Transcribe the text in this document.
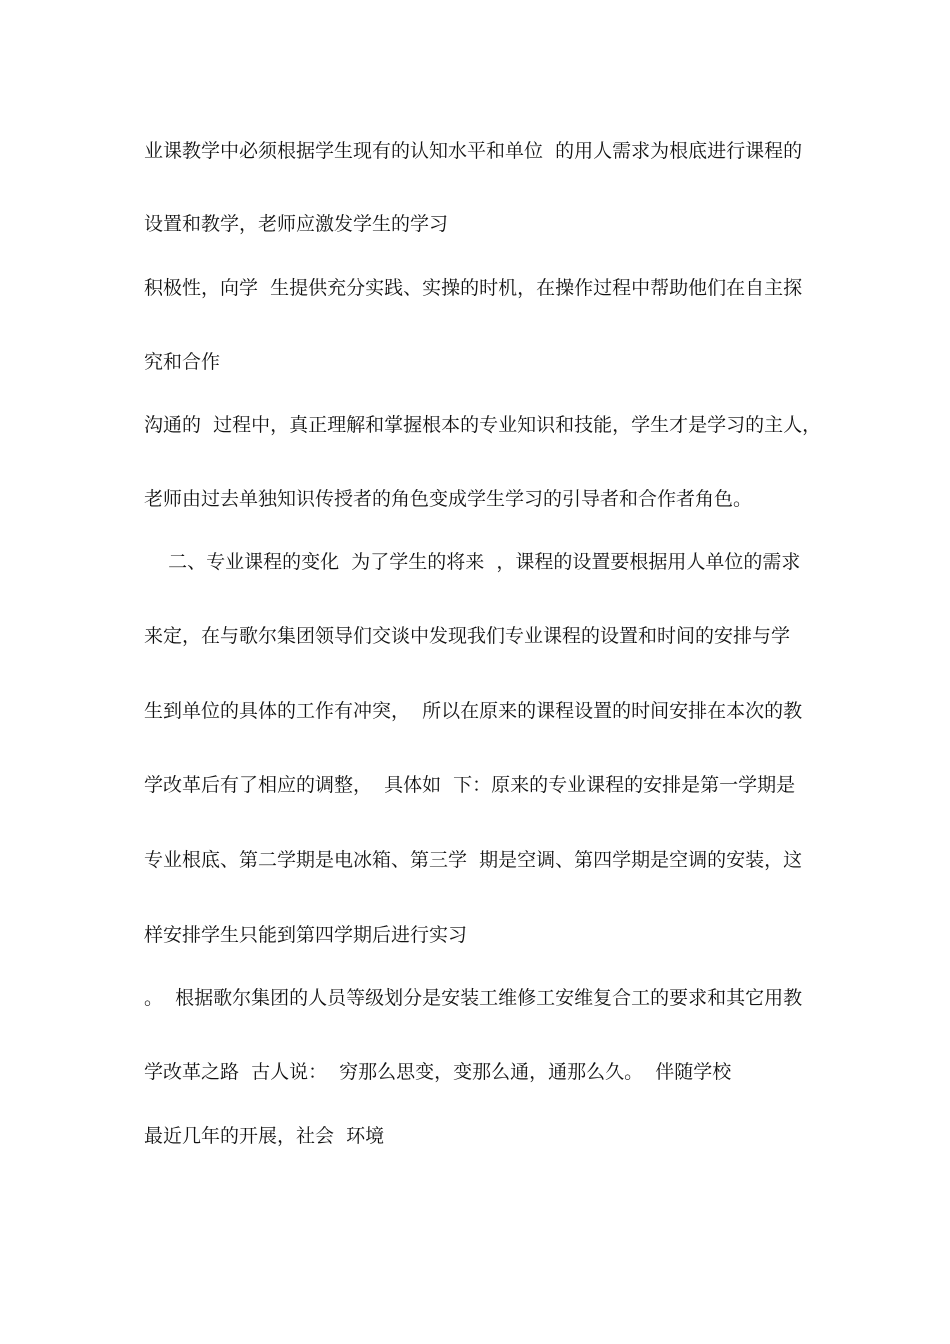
业课教学中必须根据学生现有的认知水平和单位  的用人需求为根底进行课程的
设置和教学，老师应激发学生的学习
积极性，向学  生提供充分实践、实操的时机，在操作过程中帮助他们在自主探
究和合作
沟通的  过程中，真正理解和掌握根本的专业知识和技能，学生才是学习的主人，
老师由过去单独知识传授者的角色变成学生学习的引导者和合作者角色。
二、专业课程的变化  为了学生的将来  ，课程的设置要根据用人单位的需求
来定，在与歌尔集团领导们交谈中发现我们专业课程的设置和时间的安排与学
生到单位的具体的工作有冲突，  所以在原来的课程设置的时间安排在本次的教
学改革后有了相应的调整，  具体如  下：原来的专业课程的安排是第一学期是
专业根底、第二学期是电冰箱、第三学  期是空调、第四学期是空调的安装，这
样安排学生只能到第四学期后进行实习
。  根据歌尔集团的人员等级划分是安装工维修工安维复合工的要求和其它用教
学改革之路  古人说：  穷那么思变，变那么通，通那么久。  伴随学校
最近几年的开展，社会  环境
